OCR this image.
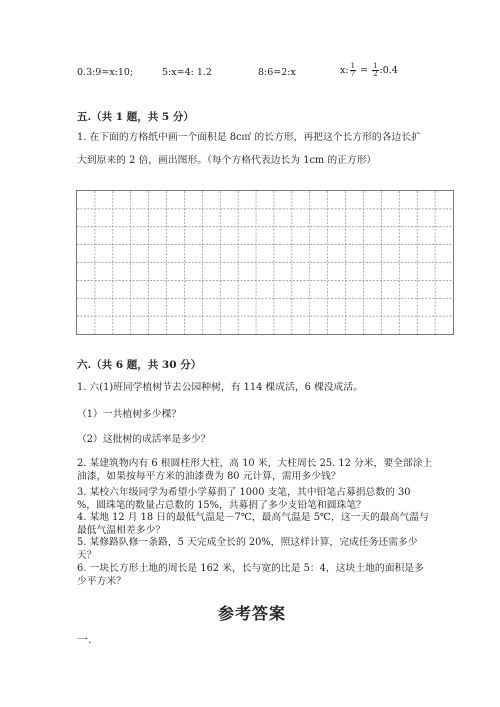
0.3:9=x:10;	5:x=4: 1.2	8:6=2:x	x: $\frac{1}{7} = \frac{1}{2}$ :0.4
五.（共 1 题，共 5 分）
1. 在下面的方格纸中画一个面积是 8c㎡ 的长方形，再把这个长方形的各边长扩
大到原来的 2 倍，画出图形。（每个方格代表边长为 1cm 的正方形）
六.（共 6 题，共 30 分）
1. 六(1)班同学植树节去公园种树，有 114 棵成活，6 棵没成活。
（1）一共植树多少棵？
（2）这批树的成活率是多少？
2. 某建筑物内有 6 根圆柱形大柱，高 10 米，大柱周长 25. 12 分米，要全部涂上
油漆，如果按每平方米的油漆费为 80 元计算，需用多少钱？
3. 某校六年级同学为希望小学募捐了 1000 支笔，其中铅笔占募捐总数的 30
%，圆珠笔的数量占总数的 15%，共募捐了多少支铅笔和圆珠笔？
4. 某地 12 月 18 日的最低气温是－7℃，最高气温是 5℃，这一天的最高气温与
最低气温相差多少？
5. 某修路队修一条路，5 天完成全长的 20%，照这样计算，完成任务还需多少
天？
6. 一块长方形土地的周长是 162 米，长与宽的比是 5：4，这块土地的面积是多
少平方米？
参考答案
一.
